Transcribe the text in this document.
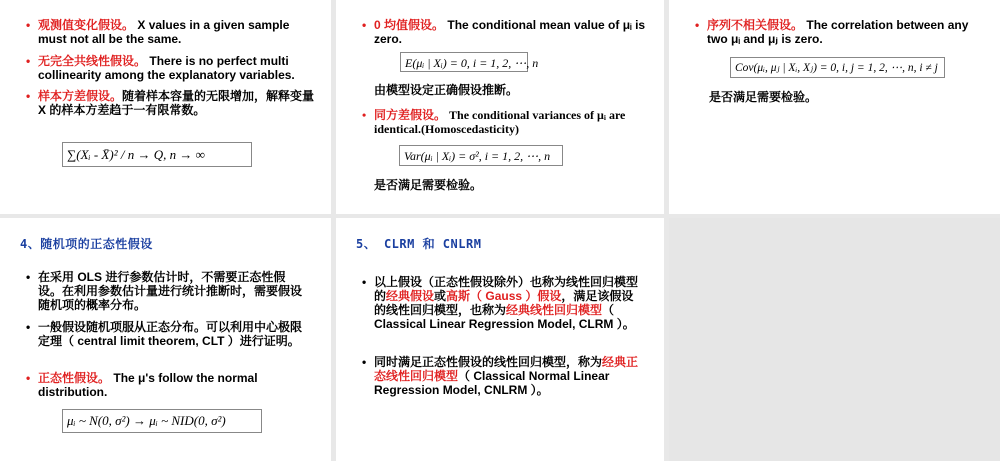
• 观测值变化假设。 X values in a given sample must not all be the same.
• 无完全共线性假设。 There is no perfect multi collinearity among the explanatory variables.
• 样本方差假设。随着样本容量的无限增加，解释变量 X 的样本方差趋于一有限常数。
∑(Xᵢ - X̄)² / n → Q, n → ∞
• 0 均值假设。 The conditional mean value of μᵢ is zero.
E(μᵢ | Xᵢ) = 0, i = 1, 2, ⋯, n
由模型设定正确假设推断。
• 同方差假设。 The conditional variances of μᵢ are identical.(Homoscedasticity)
Var(μᵢ | Xᵢ) = σ², i = 1, 2, ⋯, n
是否满足需要检验。
• 序列不相关假设。 The correlation between any two μᵢ and μⱼ is zero.
Cov(μᵢ, μⱼ | Xᵢ, Xⱼ) = 0, i, j = 1, 2, ⋯, n, i ≠ j
是否满足需要检验。
4、随机项的正态性假设
• 在采用 OLS 进行参数估计时，不需要正态性假设。在利用参数估计量进行统计推断时，需要假设随机项的概率分布。
• 一般假设随机项服从正态分布。可以利用中心极限定理（ central limit theorem, CLT ）进行证明。
• 正态性假设。 The μ's follow the normal distribution.
μᵢ ~ N(0, σ²) → μᵢ ~ NID(0, σ²)
5、 CLRM 和 CNLRM
• 以上假设（正态性假设除外）也称为线性回归模型的经典假设或高斯（ Gauss ）假设，满足该假设的线性回归模型，也称为经典线性回归模型（ Classical Linear Regression Model, CLRM ）。
• 同时满足正态性假设的线性回归模型，称为经典正态线性回归模型（ Classical Normal Linear Regression Model, CNLRM ）。
